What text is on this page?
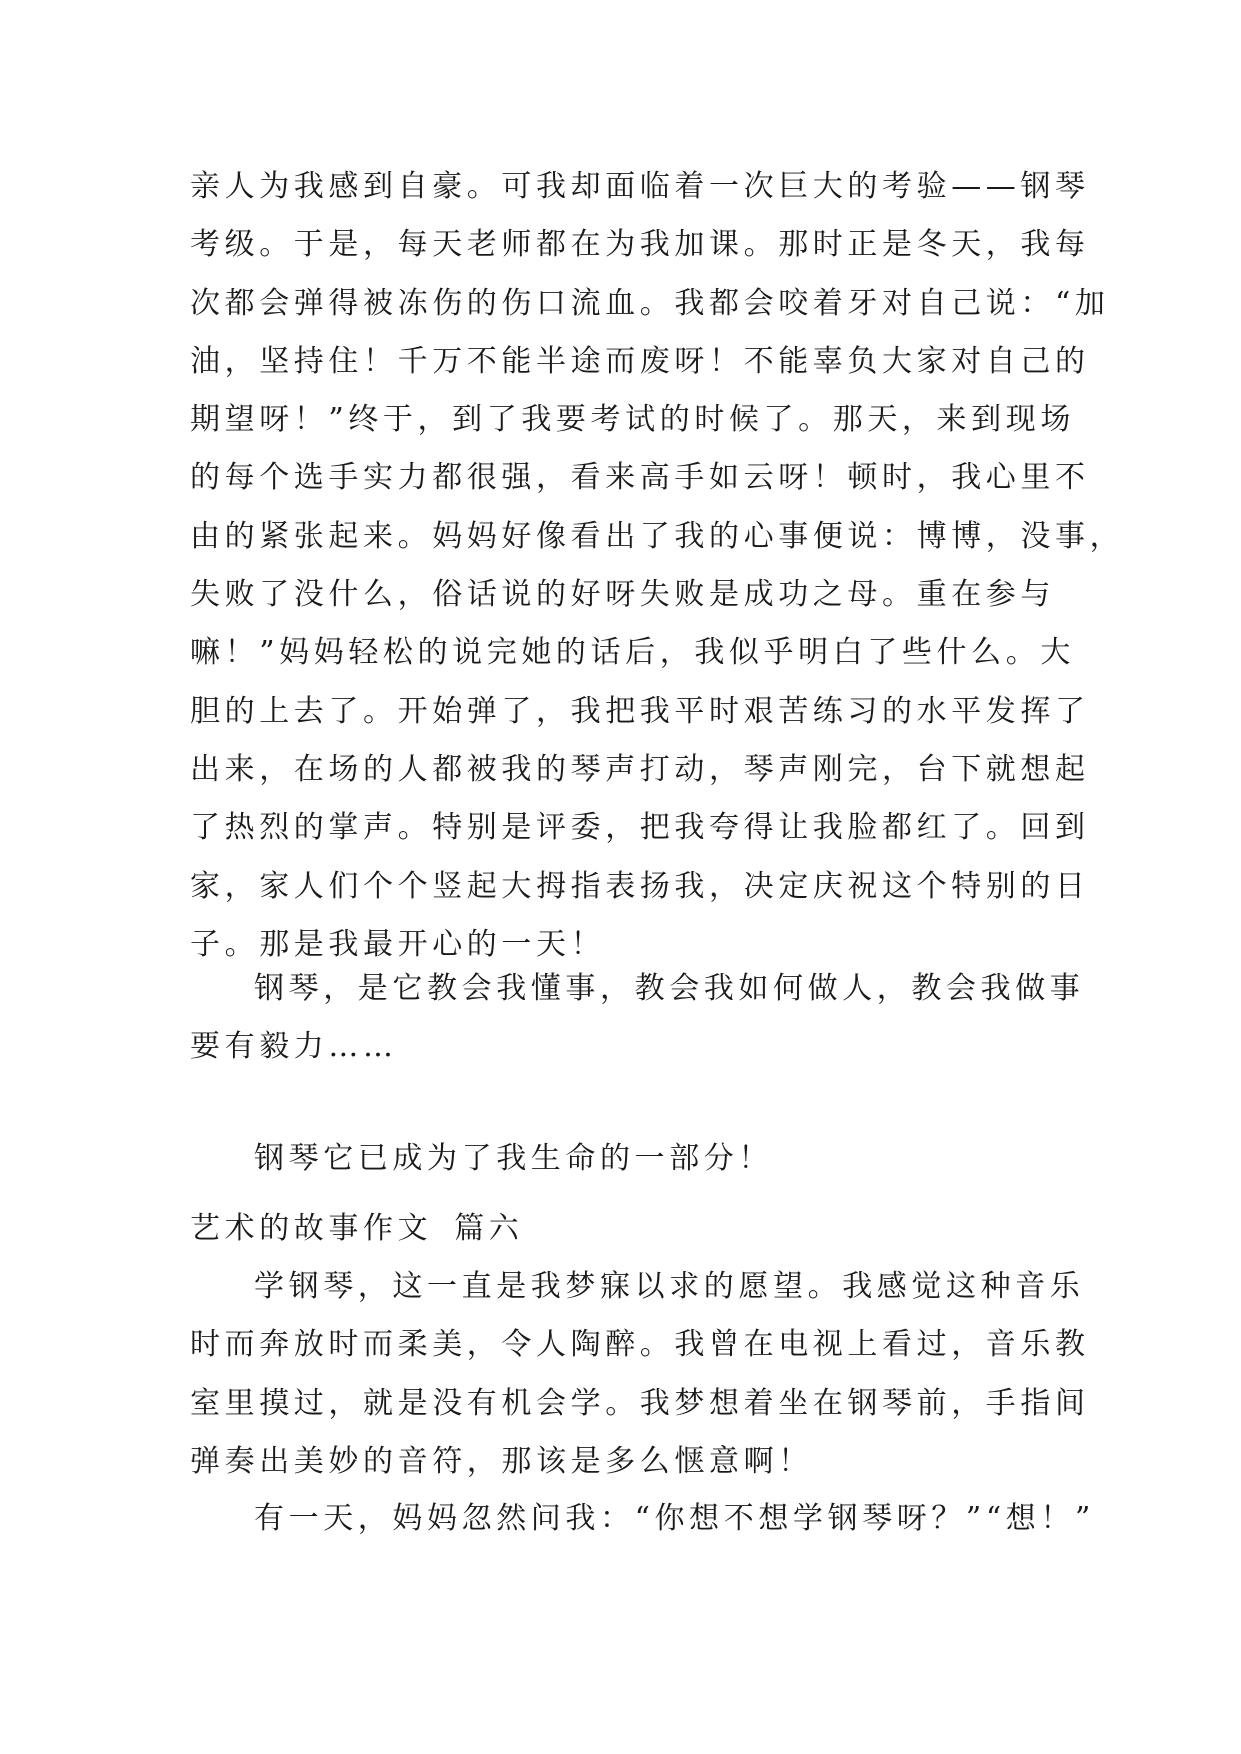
亲人为我感到自豪。可我却面临着一次巨大的考验——钢琴
考级。于是，每天老师都在为我加课。那时正是冬天，我每
次都会弹得被冻伤的伤口流血。我都会咬着牙对自己说：“加
油，坚持住！千万不能半途而废呀！不能辜负大家对自己的
期望呀！”终于，到了我要考试的时候了。那天，来到现场
的每个选手实力都很强，看来高手如云呀！顿时，我心里不
由的紧张起来。妈妈好像看出了我的心事便说：博博，没事，
失败了没什么，俗话说的好呀失败是成功之母。重在参与
嘛！”妈妈轻松的说完她的话后，我似乎明白了些什么。大
胆的上去了。开始弹了，我把我平时艰苦练习的水平发挥了
出来，在场的人都被我的琴声打动，琴声刚完，台下就想起
了热烈的掌声。特别是评委，把我夸得让我脸都红了。回到
家，家人们个个竖起大拇指表扬我，决定庆祝这个特别的日
子。那是我最开心的一天！
钢琴，是它教会我懂事，教会我如何做人，教会我做事
要有毅力……
钢琴它已成为了我生命的一部分！
艺术的故事作文 篇六
学钢琴，这一直是我梦寐以求的愿望。我感觉这种音乐
时而奔放时而柔美，令人陶醉。我曾在电视上看过，音乐教
室里摸过，就是没有机会学。我梦想着坐在钢琴前，手指间
弹奏出美妙的音符，那该是多么惬意啊！
有一天，妈妈忽然问我：“你想不想学钢琴呀？”“想！”
